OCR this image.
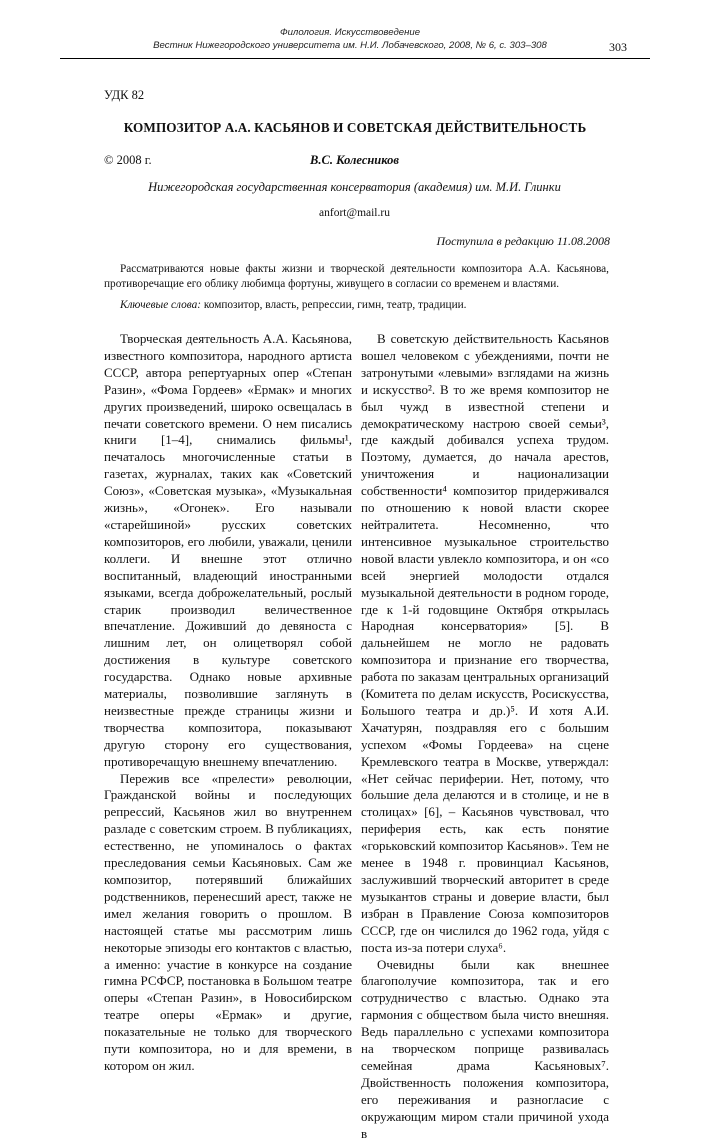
Филология. Искусствоведение
Вестник Нижегородского университета им. Н.И. Лобачевского, 2008, № 6, с. 303–308	303
УДК 82
КОМПОЗИТОР А.А. КАСЬЯНОВ И СОВЕТСКАЯ ДЕЙСТВИТЕЛЬНОСТЬ
© 2008 г.	В.С. Колесников
Нижегородская государственная консерватория (академия) им. М.И. Глинки
anfort@mail.ru
Поступила в редакцию 11.08.2008
Рассматриваются новые факты жизни и творческой деятельности композитора А.А. Касьянова, противоречащие его облику любимца фортуны, живущего в согласии со временем и властями.
Ключевые слова: композитор, власть, репрессии, гимн, театр, традиции.

Творческая деятельность А.А. Касьянова, известного композитора, народного артиста СССР, автора репертуарных опер «Степан Разин», «Фома Гордеев» «Ермак» и многих других произведений, широко освещалась в печати советского времени. О нем писались книги [1–4], снимались фильмы¹, печаталось многочисленные статьи в газетах, журналах, таких как «Советский Союз», «Советская музыка», «Музыкальная жизнь», «Огонек». Его называли «старейшиной» русских советских композиторов, его любили, уважали, ценили коллеги. И внешне этот отлично воспитанный, владеющий иностранными языками, всегда доброжелательный, рослый старик производил величественное впечатление. Доживший до девяноста с лишним лет, он олицетворял собой достижения в культуре советского государства. Однако новые архивные материалы, позволившие заглянуть в неизвестные прежде страницы жизни и творчества композитора, показывают другую сторону его существования, противоречащую внешнему впечатлению.

Пережив все «прелести» революции, Гражданской войны и последующих репрессий, Касьянов жил во внутреннем разладе с советским строем. В публикациях, естественно, не упоминалось о фактах преследования семьи Касьяновых. Сам же композитор, потерявший ближайших родственников, перенесший арест, также не имел желания говорить о прошлом. В настоящей статье мы рассмотрим лишь некоторые эпизоды его контактов с властью, а именно: участие в конкурсе на создание гимна РСФСР, постановка в Большом театре оперы «Степан Разин», в Новосибирском театре оперы «Ермак» и другие, показательные не только для творческого пути композитора, но и для времени, в котором он жил.

В советскую действительность Касьянов вошел человеком с убеждениями, почти не затронутыми «левыми» взглядами на жизнь и искусство². В то же время композитор не был чужд в известной степени и демократическому настрою своей семьи³, где каждый добивался успеха трудом. Поэтому, думается, до начала арестов, уничтожения и национализации собственности⁴ композитор придерживался по отношению к новой власти скорее нейтралитета. Несомненно, что интенсивное музыкальное строительство новой власти увлекло композитора, и он «со всей энергией молодости отдался музыкальной деятельности в родном городе, где к 1-й годовщине Октября открылась Народная консерватория» [5]. В дальнейшем не могло не радовать композитора и признание его творчества, работа по заказам центральных организаций (Комитета по делам искусств, Росискусства, Большого театра и др.)⁵. И хотя А.И. Хачатурян, поздравляя его с большим успехом «Фомы Гордеева» на сцене Кремлевского театра в Москве, утверждал: «Нет сейчас периферии. Нет, потому, что большие дела делаются и в столице, и не в столицах» [6], – Касьянов чувствовал, что периферия есть, как есть понятие «горьковский композитор Касьянов». Тем не менее в 1948 г. провинциал Касьянов, заслуживший творческий авторитет в среде музыкантов страны и доверие власти, был избран в Правление Союза композиторов СССР, где он числился до 1962 года, уйдя с поста из-за потери слуха⁶.

Очевидны были как внешнее благополучие композитора, так и его сотрудничество с властью. Однако эта гармония с обществом была чисто внешняя. Ведь параллельно с успехами композитора на творческом поприще развивалась семейная драма Касьяновых⁷. Двойственность положения композитора, его переживания и разногласие с окружающим миром стали причиной ухода в
